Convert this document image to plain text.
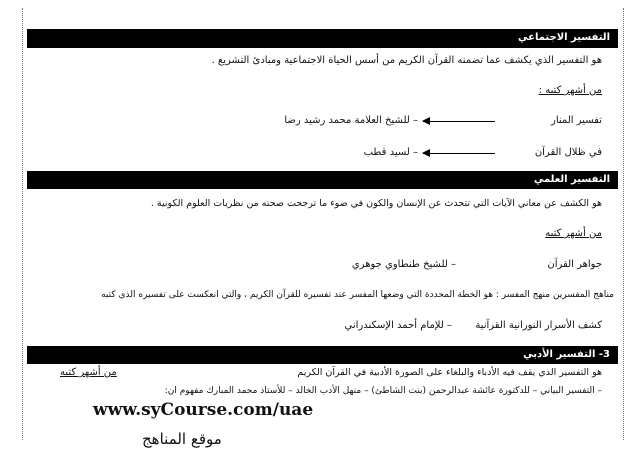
التفسير الاجتماعي
هو التفسير الذي يكشف عما تضمنه القرآن الكريم من أسس الحياة الاجتماعية ومبادئ التشريع .
من أشهر كتبه :
تفسير المنار
– للشيخ العلامة محمد رشيد رضا
في ظلال القرآن
– لسيد قطب
التفسير العلمي
هو الكشف عن معاني الآيات التي تتحدث عن الإنسان والكون في ضوء ما ترجحت صحته من نظريات العلوم الكونية .
من أشهر كتبه
جواهر القرآن
– للشيخ طنطاوي جوهري
مناهج المفسرين منهج المفسر : هو الخطة المحددة التي وضعها المفسر عند تفسيره للقرآن الكريم ، والتي انعكست على تفسيره الذي كتبه
كشف الأسرار النورانية القرآنية
– للإمام أحمد الإسكندراني
3- التفسير الأدبي
هو التفسير الذي يقف فيه الأدباء والبلغاء على الصورة الأدبية في القرآن الكريم
من أشهر كتبه
– التفسير البياني – للدكتورة عائشة عبدالرحمن (بنت الشاطئ) – منهل الأدب الخالد – للأستاذ محمد المبارك مفهوم ان:
www.syCourse.com/uae
موقع المناهج
